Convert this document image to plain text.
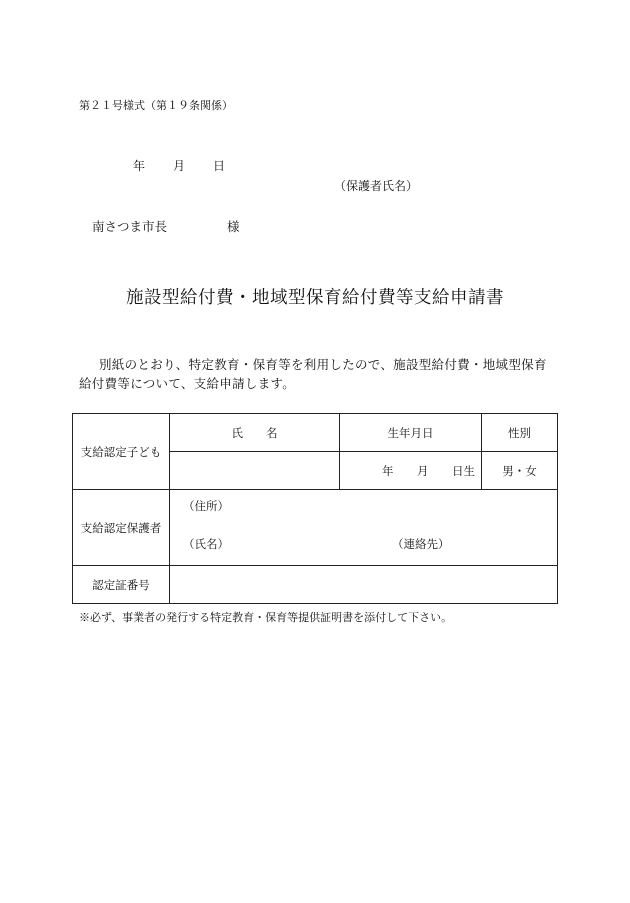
第２１号様式（第１９条関係）
年 月 日
（保護者氏名）
南さつま市長	様
施設型給付費・地域型保育給付費等支給申請書
別紙のとおり、特定教育・保育等を利用したので、施設型給付費・地域型保育給付費等について、支給申請します。
支給認定子ども	氏　　名	生年月日	性別

		年 月 日生	男・女
支給認定保護者	（住所）
（氏名） （連絡先）		

認定証番号			
※必ず、事業者の発行する特定教育・保育等提供証明書を添付して下さい。
